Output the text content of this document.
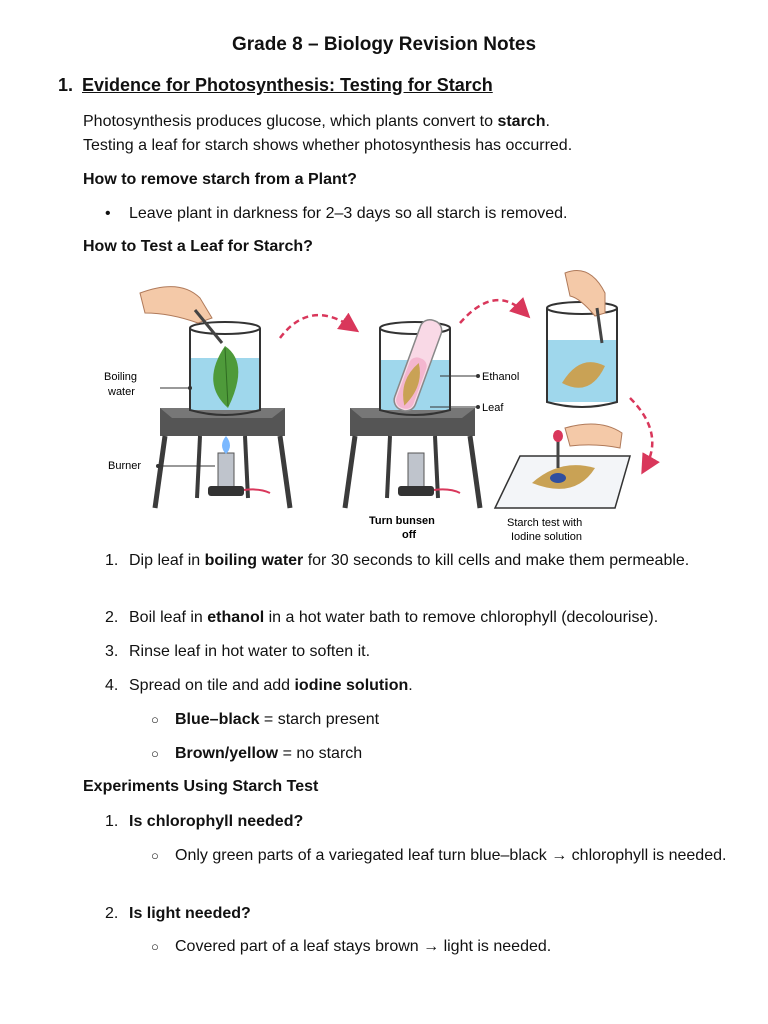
Grade 8 – Biology Revision Notes
1. Evidence for Photosynthesis: Testing for Starch
Photosynthesis produces glucose, which plants convert to starch.
Testing a leaf for starch shows whether photosynthesis has occurred.
How to remove starch from a Plant?
• Leave plant in darkness for 2–3 days so all starch is removed.
How to Test a Leaf for Starch?
Boiling
water
Burner
Ethanol
Leaf
Turn bunsen
off
Starch test with
Iodine solution
1. Dip leaf in boiling water for 30 seconds to kill cells and make them permeable.
2. Boil leaf in ethanol in a hot water bath to remove chlorophyll (decolourise).
3. Rinse leaf in hot water to soften it.
4. Spread on tile and add iodine solution.
○ Blue–black = starch present
○ Brown/yellow = no starch
Experiments Using Starch Test
1. Is chlorophyll needed?
○ Only green parts of a variegated leaf turn blue–black → chlorophyll is needed.
2. Is light needed?
○ Covered part of a leaf stays brown → light is needed.
